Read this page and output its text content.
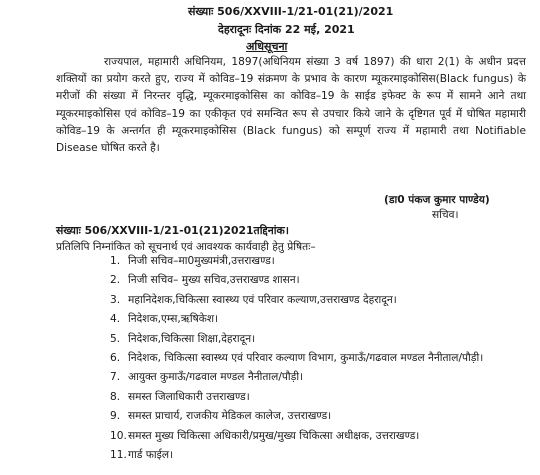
संख्याः 506/XXVIII-1/21-01(21)/2021
देहरादूनः दिनांक 22 मई, 2021
अधिसूचना
राज्यपाल, महामारी अधिनियम, 1897(अधिनियम संख्या 3 वर्ष 1897) की धारा 2(1) के अधीन प्रदत्त शक्तियों का प्रयोग करते हुए, राज्य में कोविड–19 संक्रमण के प्रभाव के कारण म्यूकरमाइकोसिस(Black fungus) के मरीजों की संख्या में निरन्तर वृद्धि, म्यूकरमाइकोसिस का कोविड–19 के साईड इफेक्ट के रूप में सामने आने तथा म्यूकरमाइकोसिस एवं कोविड–19 का एकीकृत एवं समन्वित रूप से उपचार किये जाने के दृष्टिगत पूर्व में घोषित महामारी कोविड–19 के अन्तर्गत ही म्यूकरमाइकोसिस (Black fungus) को सम्पूर्ण राज्य में महामारी तथा Notifiable Disease घोषित करते है।
(डा0 पंकज कुमार पाण्डेय)
सचिव।
संख्याः 506/XXVIII-1/21-01(21)2021तद्दिनांक।
प्रतिलिपि निम्नांकित को सूचनार्थ एवं आवश्यक कार्यवाही हेतु प्रेषितः–
1. निजी सचिव–मा0मुख्यमंत्री,उत्तराखण्ड।
2. निजी सचिव– मुख्य सचिव,उत्तराखण्ड शासन।
3. महानिदेशक,चिकित्सा स्वास्थ्य एवं परिवार कल्याण,उत्तराखण्ड देहरादून।
4. निदेशक,एम्स,ऋषिकेश।
5. निदेशक,चिकित्सा शिक्षा,देहरादून।
6. निदेशक, चिकित्सा स्वास्थ्य एवं परिवार कल्याण विभाग, कुमाऊँ/गढवाल मण्डल नैनीताल/पौड़ी।
7. आयुक्त कुमाऊँ/गढवाल मण्डल नैनीताल/पौड़ी।
8. समस्त जिलाधिकारी उत्तराखण्ड।
9. समस्त प्राचार्य, राजकीय मेडिकल कालेज, उत्तराखण्ड।
10. समस्त मुख्य चिकित्सा अधिकारी/प्रमुख/मुख्य चिकित्सा अधीक्षक, उत्तराखण्ड।
11. गार्ड फाईल।
